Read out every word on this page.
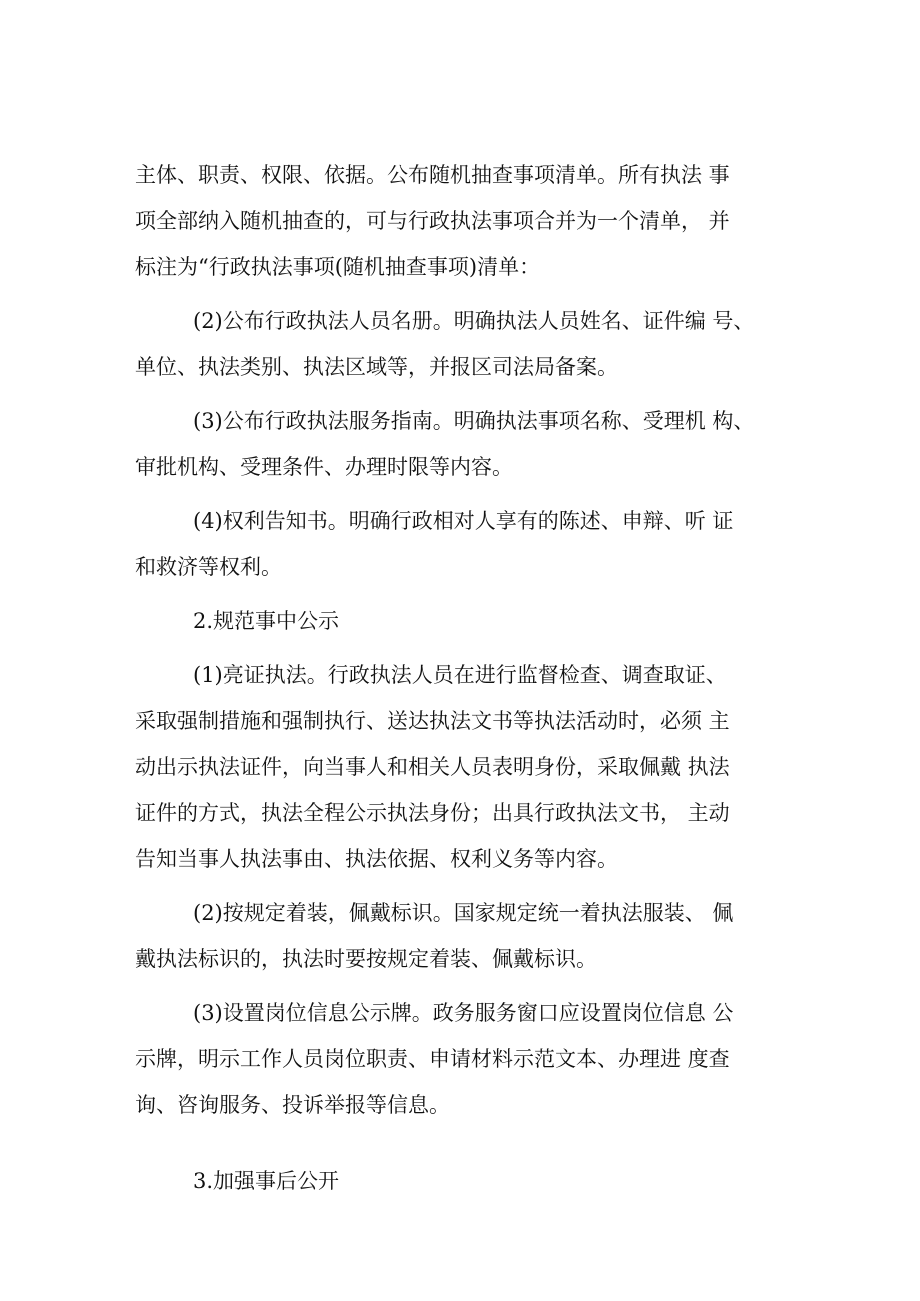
主体、职责、权限、依据。公布随机抽查事项清单。所有执法 事
项全部纳入随机抽查的，可与行政执法事项合并为一个清单， 并
标注为“行政执法事项(随机抽查事项)清单：
(2)公布行政执法人员名册。明确执法人员姓名、证件编 号、
单位、执法类别、执法区域等，并报区司法局备案。
(3)公布行政执法服务指南。明确执法事项名称、受理机 构、
审批机构、受理条件、办理时限等内容。
(4)权利告知书。明确行政相对人享有的陈述、申辩、听 证
和救济等权利。
2.规范事中公示
(1)亮证执法。行政执法人员在进行监督检查、调查取证、
采取强制措施和强制执行、送达执法文书等执法活动时，必须 主
动出示执法证件，向当事人和相关人员表明身份，采取佩戴 执法
证件的方式，执法全程公示执法身份；出具行政执法文书， 主动
告知当事人执法事由、执法依据、权利义务等内容。
(2)按规定着装，佩戴标识。国家规定统一着执法服装、 佩
戴执法标识的，执法时要按规定着装、佩戴标识。
(3)设置岗位信息公示牌。政务服务窗口应设置岗位信息 公
示牌，明示工作人员岗位职责、申请材料示范文本、办理进 度查
询、咨询服务、投诉举报等信息。
3.加强事后公开
